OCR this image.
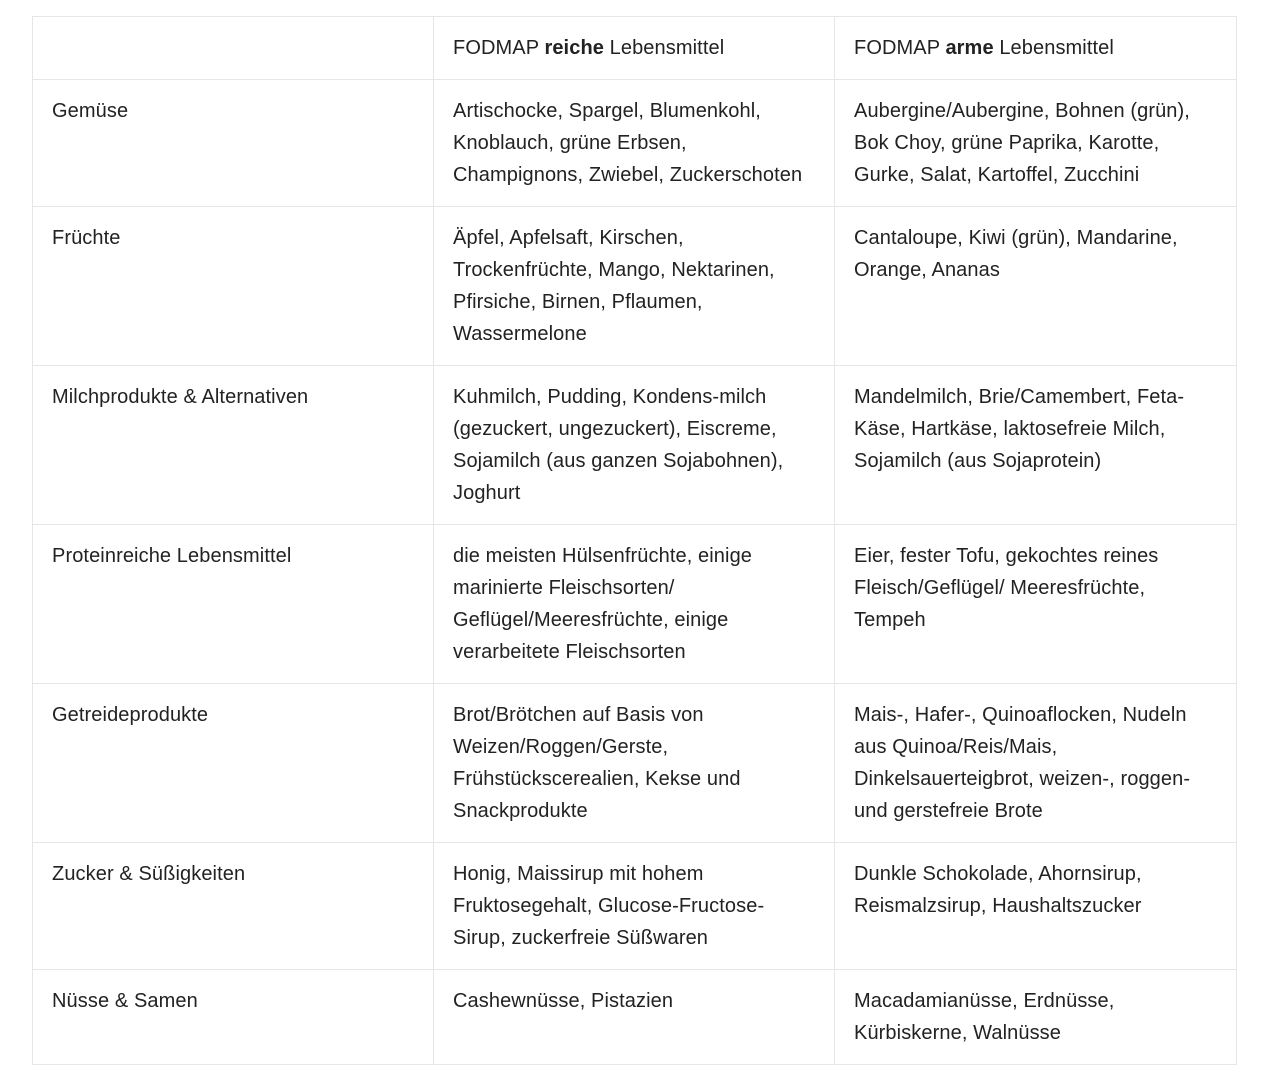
	FODMAP reiche Lebensmittel	FODMAP arme Lebensmittel
Gemüse	Artischocke, Spargel, Blumenkohl, Knoblauch, grüne Erbsen, Champignons, Zwiebel, Zuckerschoten	Aubergine/Aubergine, Bohnen (grün), Bok Choy, grüne Paprika, Karotte, Gurke, Salat, Kartoffel, Zucchini
Früchte	Äpfel, Apfelsaft, Kirschen, Trockenfrüchte, Mango, Nektarinen, Pfirsiche, Birnen, Pflaumen, Wassermelone	Cantaloupe, Kiwi (grün), Mandarine, Orange, Ananas
Milchprodukte & Alternativen	Kuhmilch, Pudding, Kondens-milch (gezuckert, ungezuckert), Eiscreme, Sojamilch (aus ganzen Sojabohnen), Joghurt	Mandelmilch, Brie/Camembert, Feta-Käse, Hartkäse, laktosefreie Milch, Sojamilch (aus Sojaprotein)
Proteinreiche Lebensmittel	die meisten Hülsenfrüchte, einige marinierte Fleischsorten/ Geflügel/Meeresfrüchte, einige verarbeitete Fleischsorten	Eier, fester Tofu, gekochtes reines Fleisch/Geflügel/ Meeresfrüchte, Tempeh
Getreideprodukte	Brot/Brötchen auf Basis von Weizen/Roggen/Gerste, Frühstückscerealien, Kekse und Snackprodukte	Mais-, Hafer-, Quinoaflocken, Nudeln aus Quinoa/Reis/Mais, Dinkelsauerteigbrot, weizen-, roggen- und gerstefreie Brote
Zucker & Süßigkeiten	Honig, Maissirup mit hohem Fruktosegehalt, Glucose-Fructose-Sirup, zuckerfreie Süßwaren	Dunkle Schokolade, Ahornsirup, Reismalzsirup, Haushaltszucker
Nüsse & Samen	Cashewnüsse, Pistazien	Macadamianüsse, Erdnüsse, Kürbiskerne, Walnüsse
